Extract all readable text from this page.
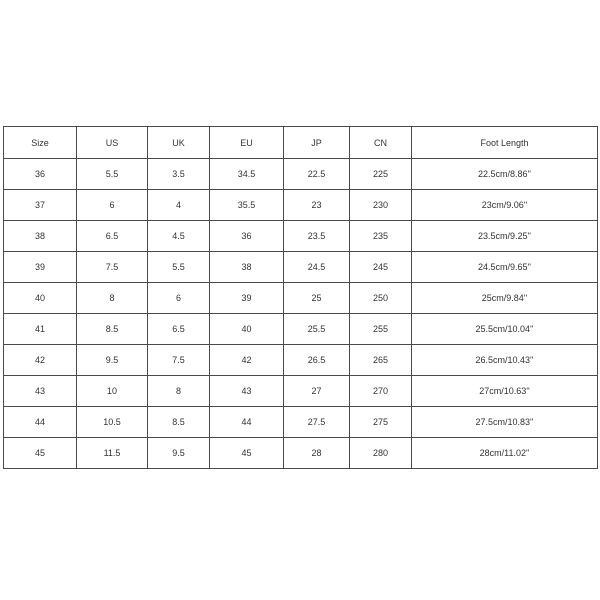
Size	US	UK	EU	JP	CN	Foot Length
36	5.5	3.5	34.5	22.5	225	22.5cm/8.86''
37	6	4	35.5	23	230	23cm/9.06''
38	6.5	4.5	36	23.5	235	23.5cm/9.25''
39	7.5	5.5	38	24.5	245	24.5cm/9.65''
40	8	6	39	25	250	25cm/9.84''
41	8.5	6.5	40	25.5	255	25.5cm/10.04''
42	9.5	7.5	42	26.5	265	26.5cm/10.43''
43	10	8	43	27	270	27cm/10.63''
44	10.5	8.5	44	27.5	275	27.5cm/10.83''
45	11.5	9.5	45	28	280	28cm/11.02''
